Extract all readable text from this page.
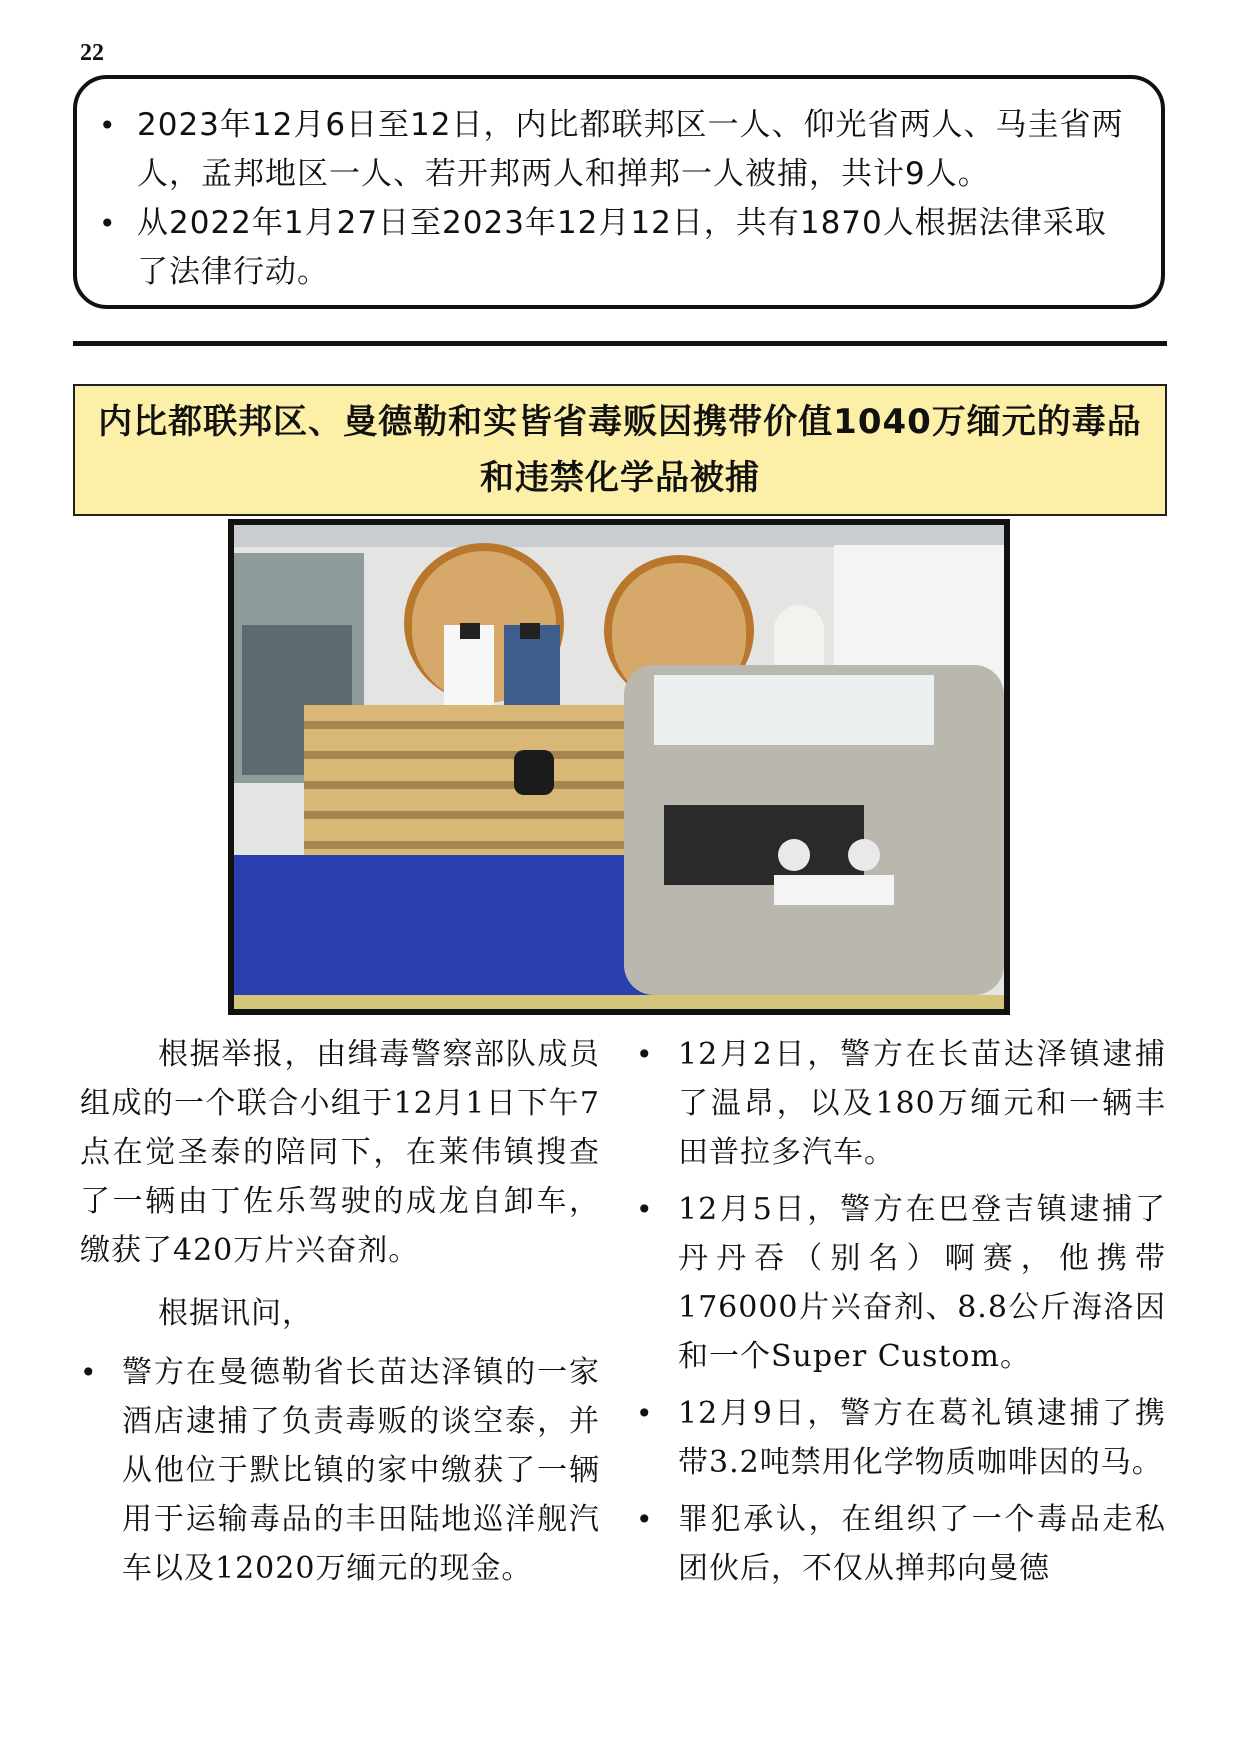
22
• 2023年12月6日至12日，内比都联邦区一人、仰光省两人、马圭省两人，孟邦地区一人、若开邦两人和掸邦一人被捕，共计9人。
• 从2022年1月27日至2023年12月12日，共有1870人根据法律采取了法律行动。
内比都联邦区、曼德勒和实皆省毒贩因携带价值1040万缅元的毒品和违禁化学品被捕

根据举报，由缉毒警察部队成员组成的一个联合小组于12月1日下午7点在觉圣泰的陪同下，在莱伟镇搜查了一辆由丁佐乐驾驶的成龙自卸车，缴获了420万片兴奋剂。

根据讯问，

• 警方在曼德勒省长苗达泽镇的一家酒店逮捕了负责毒贩的谈空泰，并从他位于默比镇的家中缴获了一辆用于运输毒品的丰田陆地巡洋舰汽车以及12020万缅元的现金。
• 12月2日，警方在长苗达泽镇逮捕了温昂，以及180万缅元和一辆丰田普拉多汽车。
• 12月5日，警方在巴登吉镇逮捕了丹丹吞（别名）啊赛，他携带176000片兴奋剂、8.8公斤海洛因和一个Super Custom。
• 12月9日，警方在葛礼镇逮捕了携带3.2吨禁用化学物质咖啡因的马。
• 罪犯承认，在组织了一个毒品走私团伙后，不仅从掸邦向曼德
